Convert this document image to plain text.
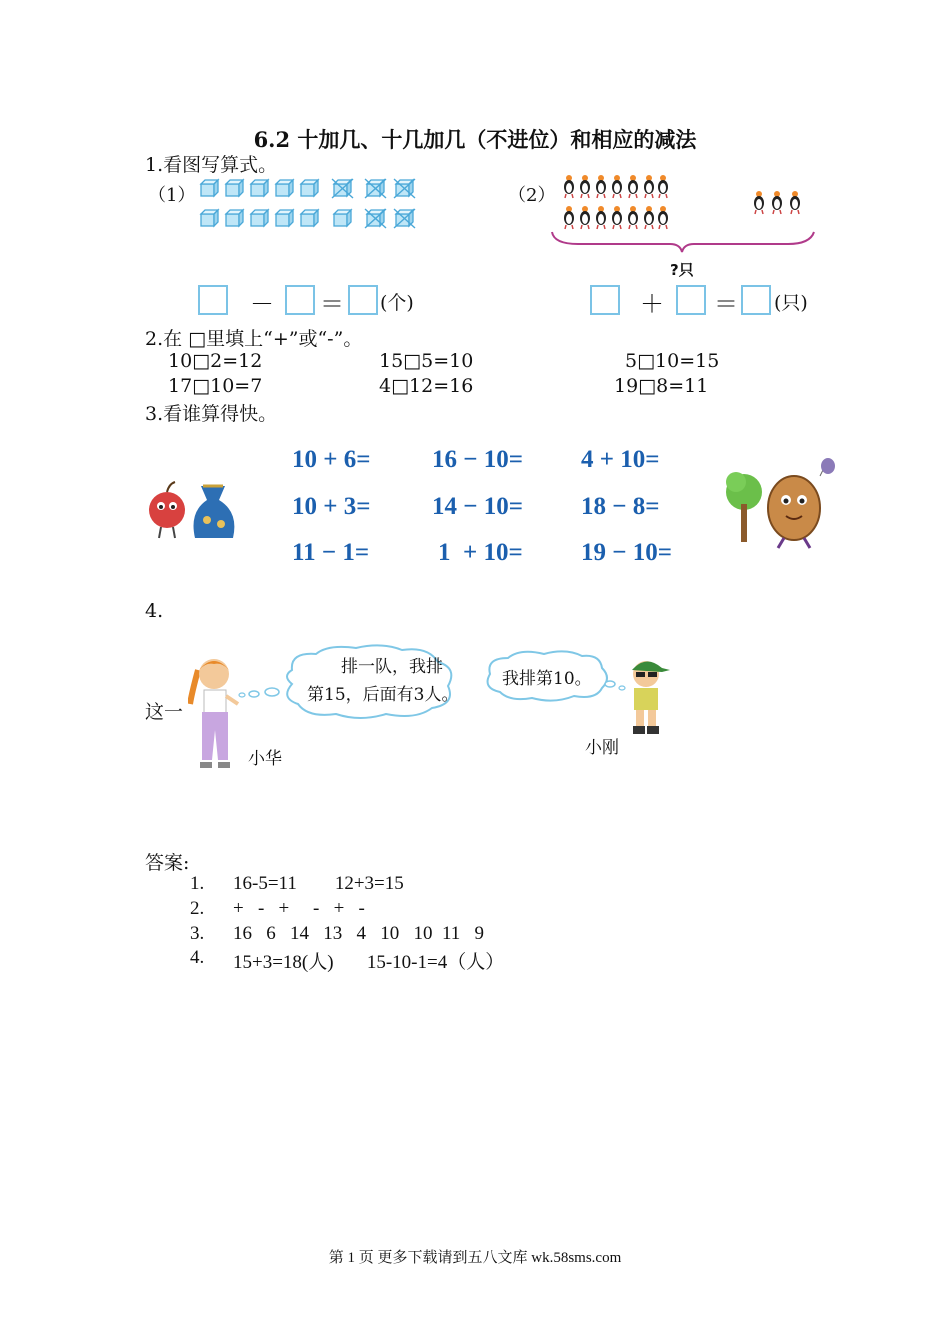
6.2 十加几、十几加几（不进位）和相应的减法
1.看图写算式。
（1）	（2）
?只
－ ＝ (个)	＋ ＝ (只)
2.在 □里填上“+”或“-”。
10□2=12	15□5=10	5□10=15
17□10=7	4□12=16	19□8=11
3.看谁算得快。
10 + 6= 16 − 10= 4 + 10=
10 + 3= 14 − 10= 18 − 8=
11 − 1=	1  + 10= 19 − 10=
4.
这一
小华
排一队，我排
第15，后面有3人。
我排第10。
小刚
答案:
1. 16-5=11        12+3=15
2. +   -   +     -   +   -
3. 16   6   14   13   4   10   10  11   9
4. 15+3=18(人)       15-10-1=4（人）
第 1 页 更多下载请到五八文库 wk.58sms.com
